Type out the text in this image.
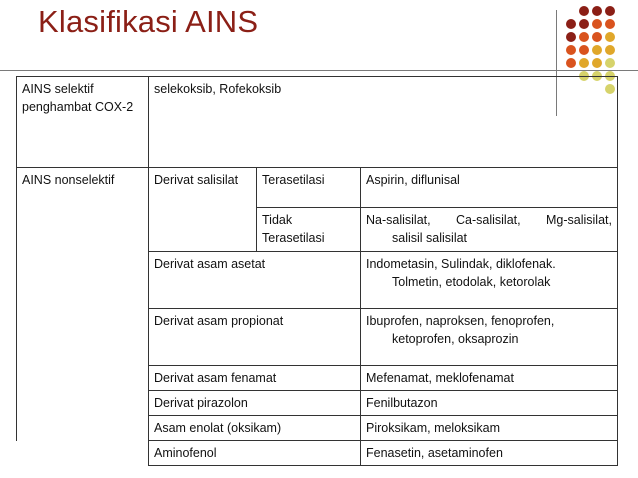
Klasifikasi AINS
AINS selektif penghambat COX-2	selekoksib, Rofekoksib		
AINS nonselektif	Derivat salisilat	Terasetilasi	Aspirin, diflunisal
		Tidak Terasetilasi	Na-salisilat, Ca-salisilat, Mg-salisilat,
salisil salisilat

	Derivat asam asetat		Indometasin, Sulindak, diklofenak.
Tolmetin, etodolak, ketorolak

	Derivat asam propionat		Ibuprofen, naproksen, fenoprofen,
ketoprofen, oksaprozin

	Derivat asam fenamat		Mefenamat, meklofenamat
	Derivat pirazolon		Fenilbutazon
	Asam enolat (oksikam)		Piroksikam, meloksikam
	Aminofenol		Fenasetin, asetaminofen
